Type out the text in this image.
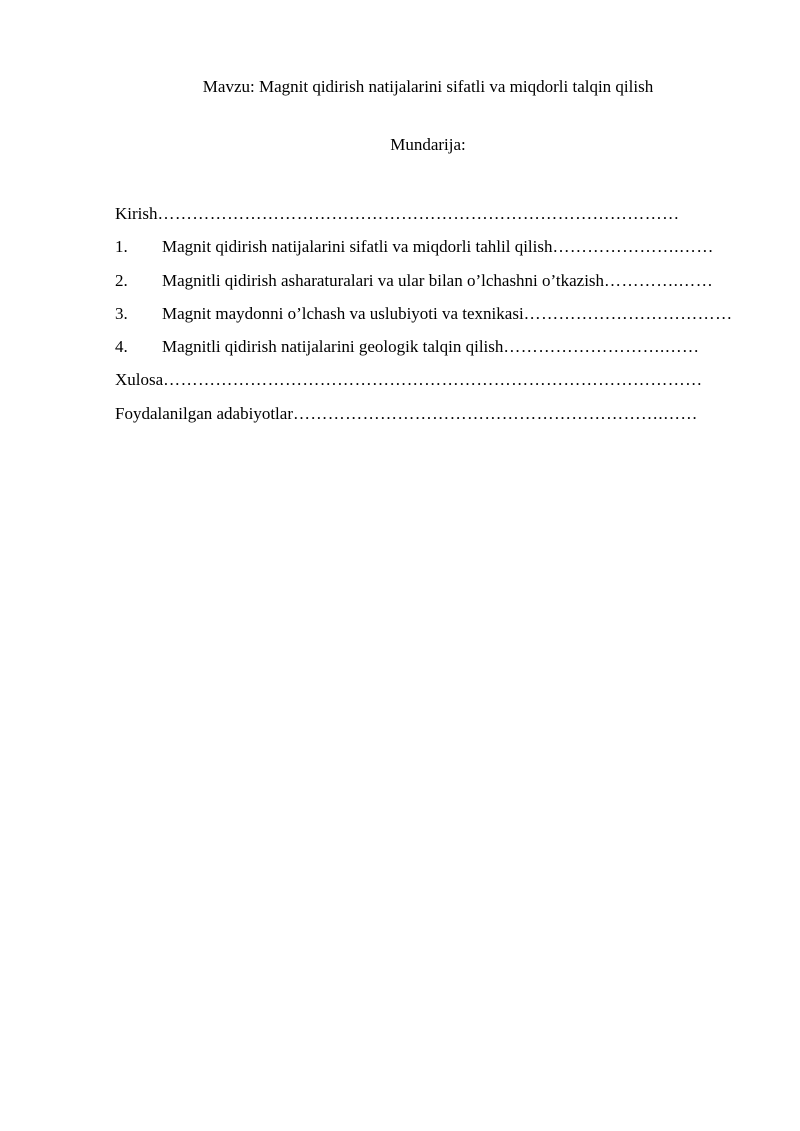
Mavzu: Magnit qidirish natijalarini sifatli va miqdorli talqin qilish
Mundarija:
Kirish ………………………………………………………………………………
1.	Magnit qidirish natijalarini sifatli va miqdorli tahlil qilish ………………….……
2.	Magnitli qidirish asharaturalari va ular bilan o’lchashni o’tkazish ………….……
3.	Magnit maydonni o’lchash va uslubiyoti va texnikasi ………………………………
4.	Magnitli qidirish natijalarini geologik talqin qilish ……………………….……
Xulosa …………………………………………………………………………………
Foydalanilgan adabiyotlar ……………………………………………………….……
